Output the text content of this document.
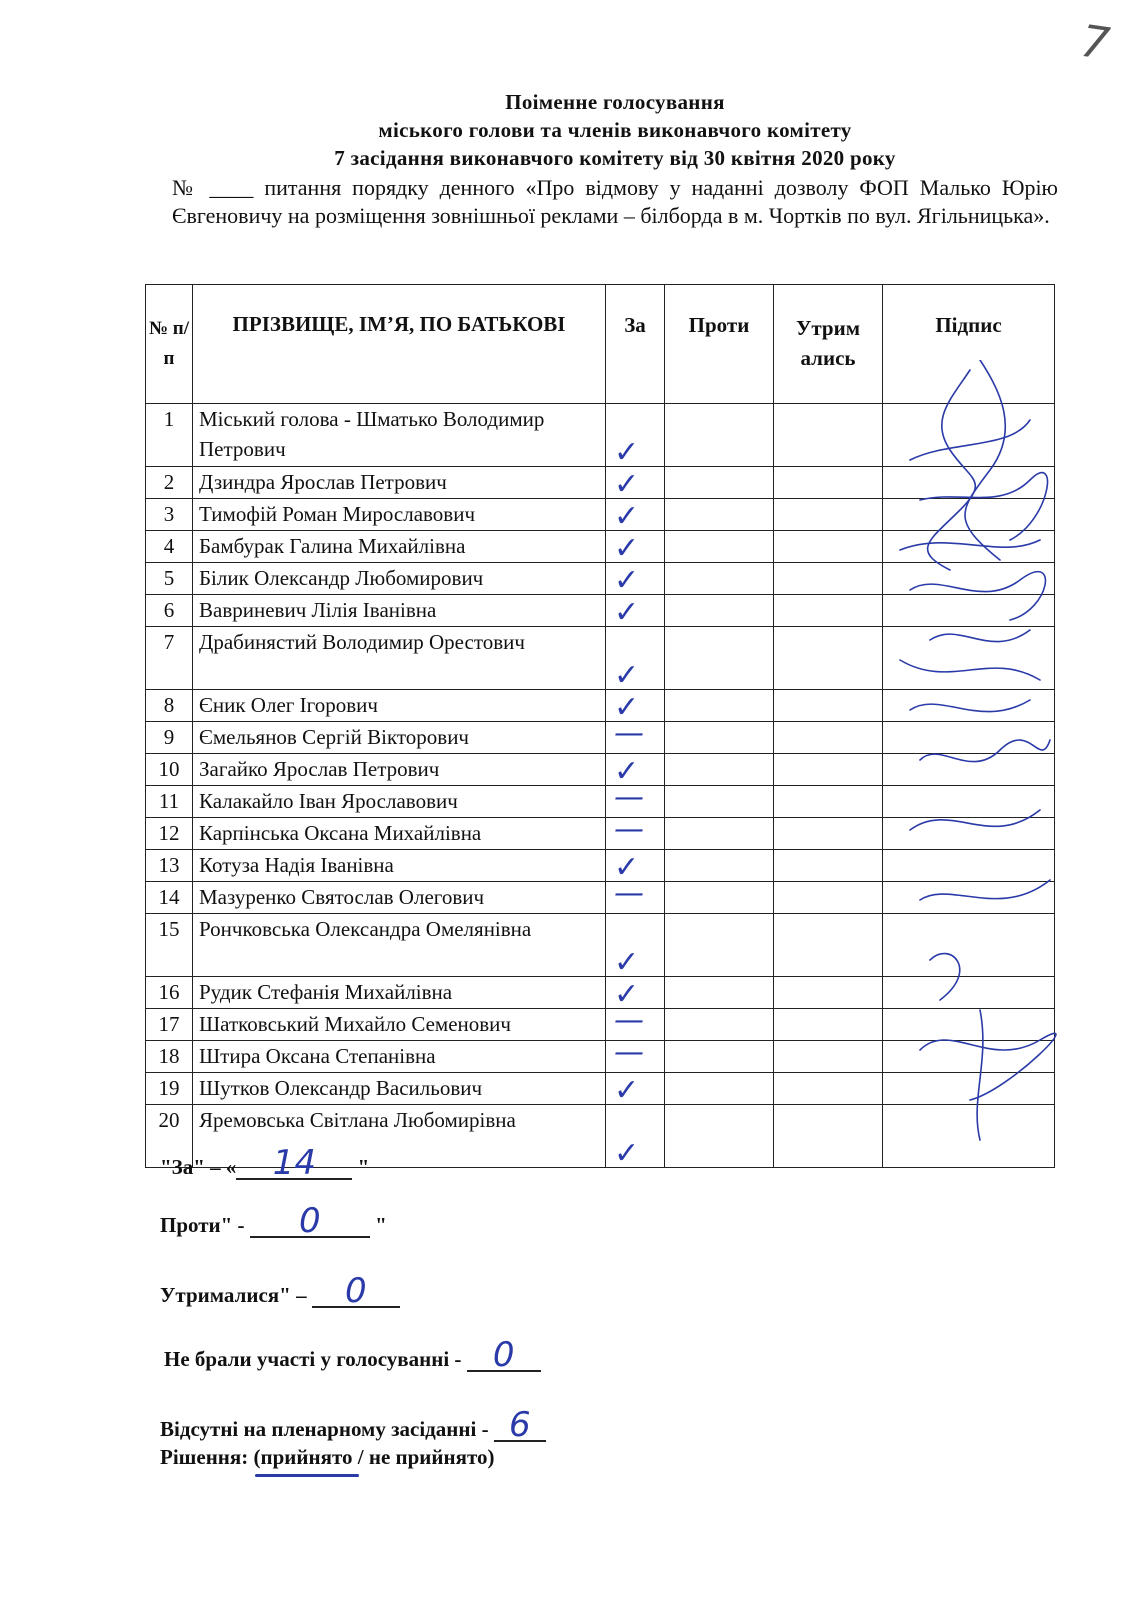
7
Поіменне голосування
міського голови та членів виконавчого комітету
7 засідання виконавчого комітету від 30 квітня 2020 року
№ ____ питання порядку денного «Про відмову у наданні дозволу ФОП Малько Юрію Євгеновичу на розміщення зовнішньої реклами – білборда в м. Чортків по вул. Ягільницька».
№ п/ п	ПРІЗВИЩЕ, ІМ’Я, ПО БАТЬКОВІ	За	Проти	Утрим ались	Підпис
1	Міський голова - Шматько Володимир Петрович	✓			

2	Дзиндра Ярослав Петрович	✓			

3	Тимофій Роман Мирославович	✓			

4	Бамбурак Галина Михайлівна	✓			

5	Білик Олександр Любомирович	✓			

6	Вавриневич Лілія Іванівна	✓			

7	Драбинястий Володимир Орестович	✓			

8	Єник Олег Ігорович	✓			

9	Ємельянов Сергій Вікторович	—			

10	Загайко Ярослав Петрович	✓			

11	Калакайло Іван Ярославович	—			

12	Карпінська Оксана Михайлівна	—			

13	Котуза Надія Іванівна	✓			

14	Мазуренко Святослав Олегович	—			

15	Рончковська Олександра Омелянівна	✓			

16	Рудик Стефанія Михайлівна	✓			

17	Шатковський Михайло Семенович	—			

18	Штира Оксана Степанівна	—			

19	Шутков Олександр Васильович	✓			

20	Яремовська Світлана Любомирівна	✓			

"За" – « 14 "
Проти" - 0 "
Утрималися" – 0
Не брали участі у голосуванні - 0
Відсутні на пленарному засіданні - 6
Рішення: (прийнято
/ не прийнято)
